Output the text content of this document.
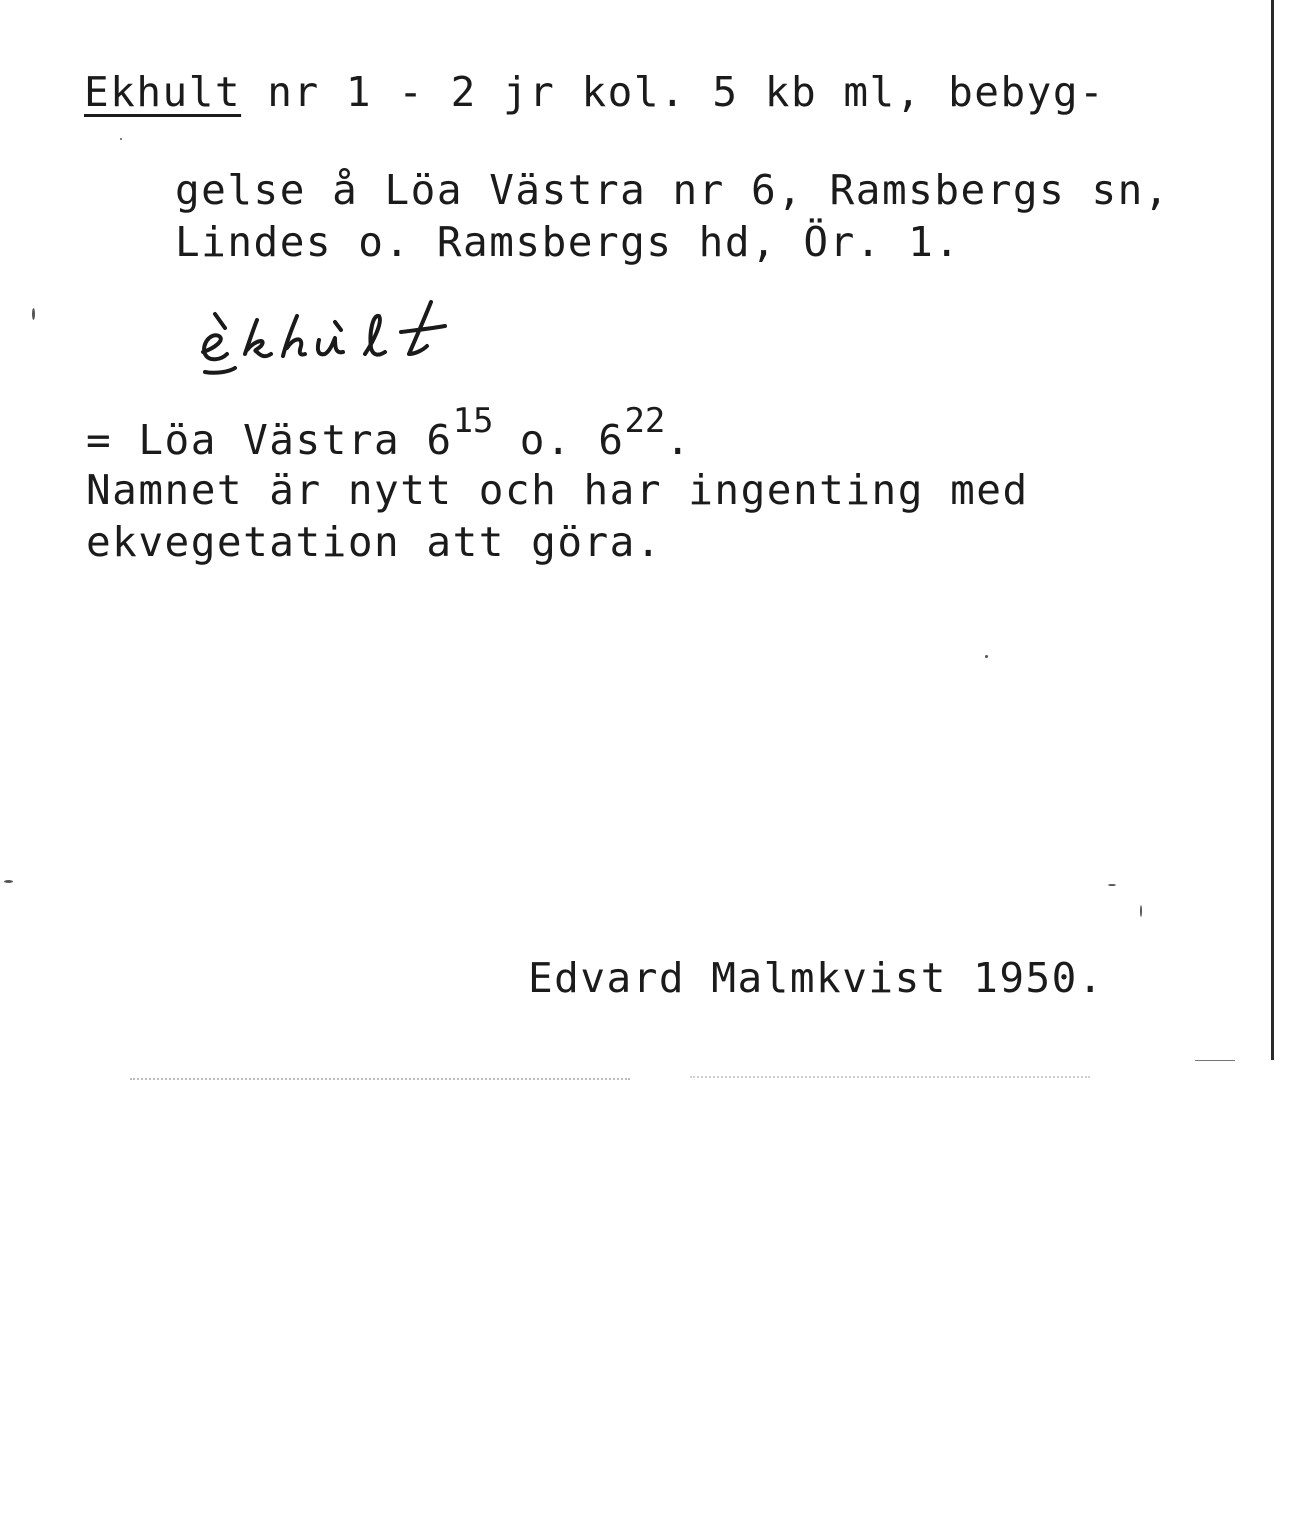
Ekhult nr 1 - 2 jr kol. 5 kb ml, bebyg-
gelse å Löa Västra nr 6, Ramsbergs sn,
Lindes o. Ramsbergs hd, Ör. 1.
= Löa Västra $6^{15}$ o. $6^{22}$.
Namnet är nytt och har ingenting med
ekvegetation att göra.
Edvard Malmkvist 1950.
